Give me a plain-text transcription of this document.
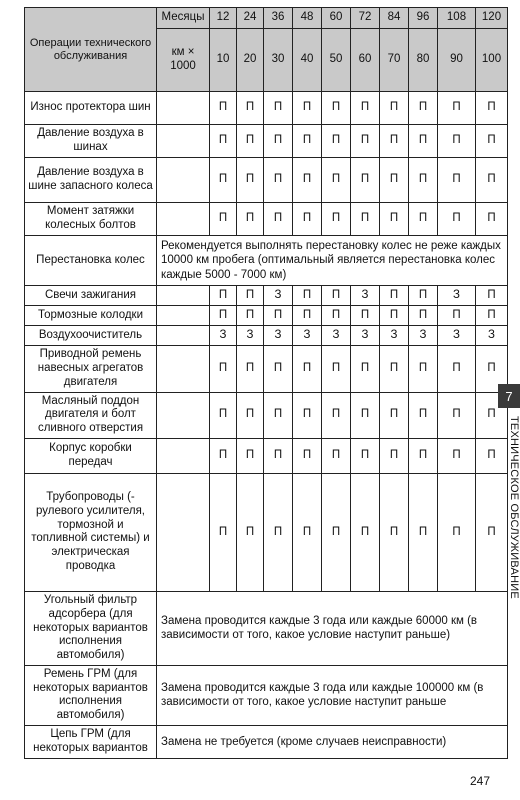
Операции технического обслуживания	Месяцы	12	24	36	48	60	72	84	96	108	120
	км × 1000	10	20	30	40	50	60	70	80	90	100
Износ протектора шин		П	П	П	П	П	П	П	П	П	П
Давление воздуха в шинах		П	П	П	П	П	П	П	П	П	П
Давление воздуха в шине запасного колеса		П	П	П	П	П	П	П	П	П	П
Момент затяжки колесных болтов		П	П	П	П	П	П	П	П	П	П
Перестановка колес	Рекомендуется выполнять перестановку колес не реже каждых 10000 км пробега (оптимальный является перестановка колес каждые 5000 - 7000 км)										
Свечи зажигания		П	П	З	П	П	З	П	П	З	П
Тормозные колодки		П	П	П	П	П	П	П	П	П	П
Воздухоочиститель		З	З	З	З	З	З	З	З	З	З
Приводной ремень навесных агрегатов двигателя		П	П	П	П	П	П	П	П	П	П
Масляный поддон двигателя и болт сливного отверстия		П	П	П	П	П	П	П	П	П	П
Корпус коробки передач		П	П	П	П	П	П	П	П	П	П
Трубопроводы (-рулевого усилителя, тормозной и топливной системы) и электрическая проводка		П	П	П	П	П	П	П	П	П	П
Угольный фильтр адсорбера (для некоторых вариантов исполнения автомобиля)	Замена проводится каждые 3 года или каждые 60000 км (в зависимости от того, какое условие наступит раньше)										
Ремень ГРМ (для некоторых вариантов исполнения автомобиля)	Замена проводится каждые 3 года или каждые 100000 км (в зависимости от того, какое условие наступит раньше										
Цепь ГРМ (для некоторых вариантов	Замена не требуется (кроме случаев неисправности)										
7
ТЕХНИЧЕСКОЕ ОБСЛУЖИВАНИЕ
247
